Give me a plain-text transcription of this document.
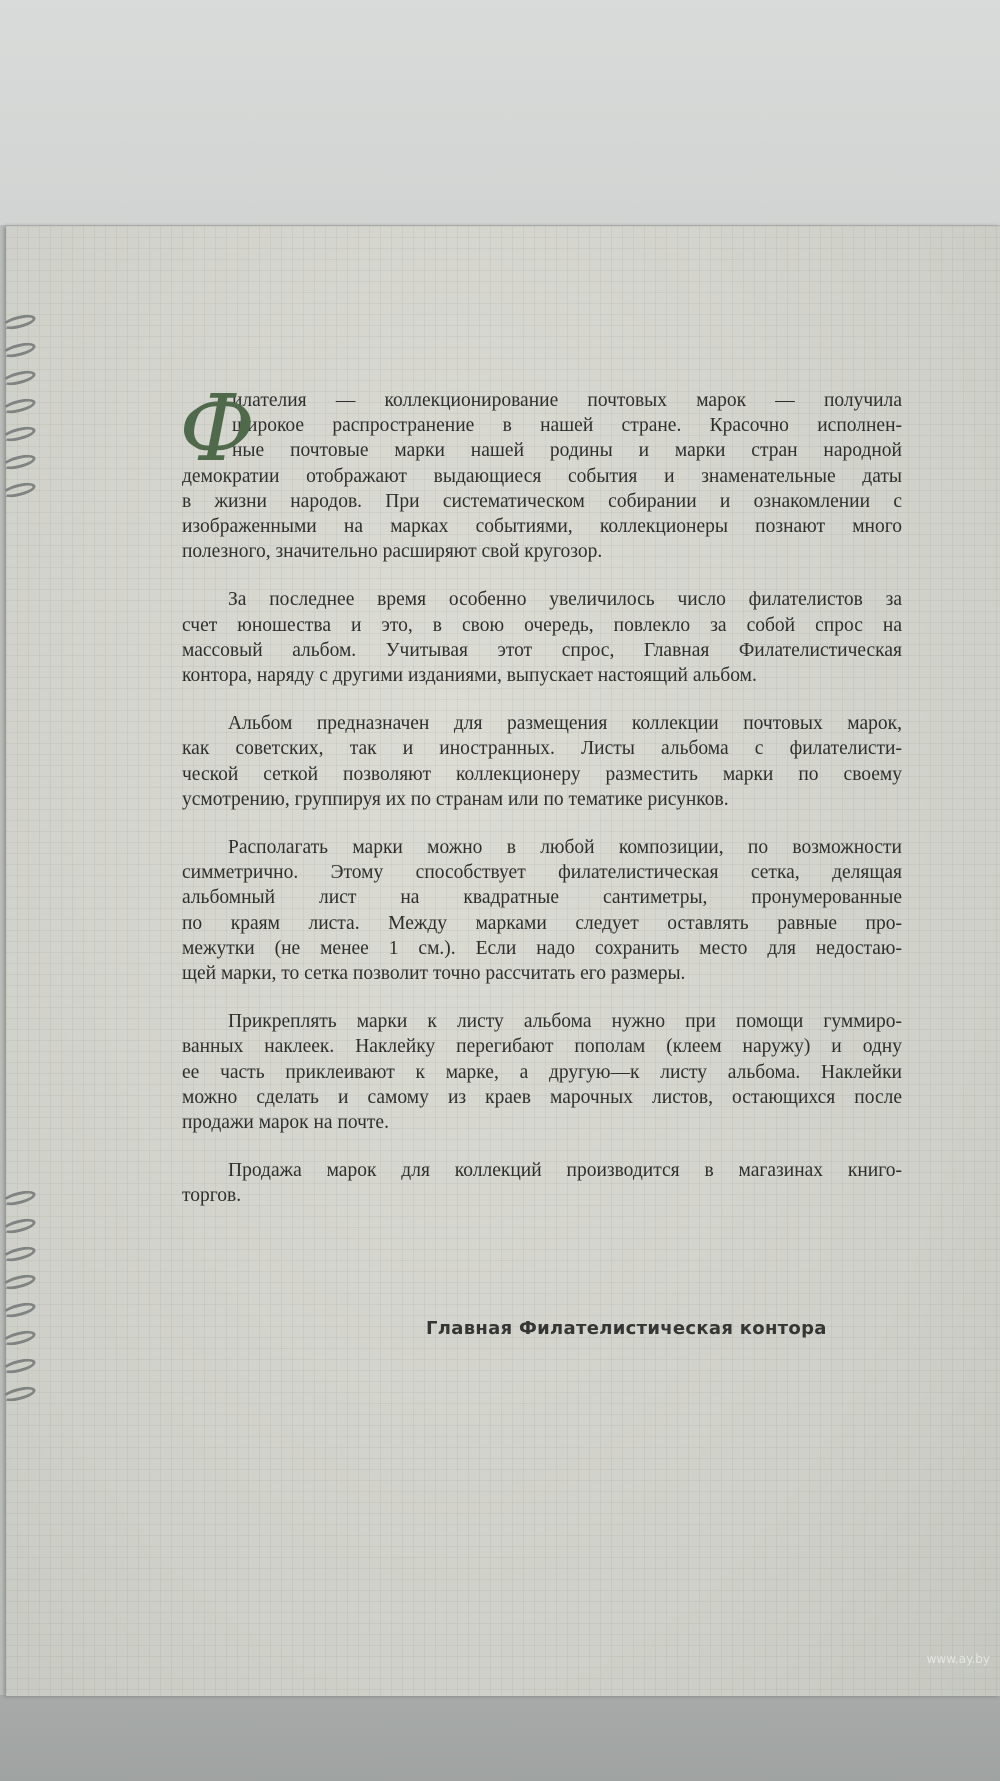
Ф
илателия — коллекционирование почтовых марок — получила
широкое распространение в нашей стране. Красочно исполнен-
ные почтовые марки нашей родины и марки стран народной
демократии отображают выдающиеся события и знаменательные даты
в жизни народов. При систематическом собирании и ознакомлении с
изображенными на марках событиями, коллекционеры познают много
полезного, значительно расширяют свой кругозор.

За последнее время особенно увеличилось число филателистов за
счет юношества и это, в свою очередь, повлекло за собой спрос на
массовый альбом. Учитывая этот спрос, Главная Филателистическая
контора, наряду с другими изданиями, выпускает настоящий альбом.

Альбом предназначен для размещения коллекции почтовых марок,
как советских, так и иностранных. Листы альбома с филателисти-
ческой сеткой позволяют коллекционеру разместить марки по своему
усмотрению, группируя их по странам или по тематике рисунков.

Располагать марки можно в любой композиции, по возможности
симметрично. Этому способствует филателистическая сетка, делящая
альбомный лист на квадратные сантиметры, пронумерованные
по краям листа. Между марками следует оставлять равные про-
межутки (не менее 1 см.). Если надо сохранить место для недостаю-
щей марки, то сетка позволит точно рассчитать его размеры.

Прикреплять марки к листу альбома нужно при помощи гуммиро-
ванных наклеек. Наклейку перегибают пополам (клеем наружу) и одну
ее часть приклеивают к марке, а другую—к листу альбома. Наклейки
можно сделать и самому из краев марочных листов, остающихся после
продажи марок на почте.

Продажа марок для коллекций производится в магазинах книго-
торгов.

Главная Филателистическая контора
www.ay.by
